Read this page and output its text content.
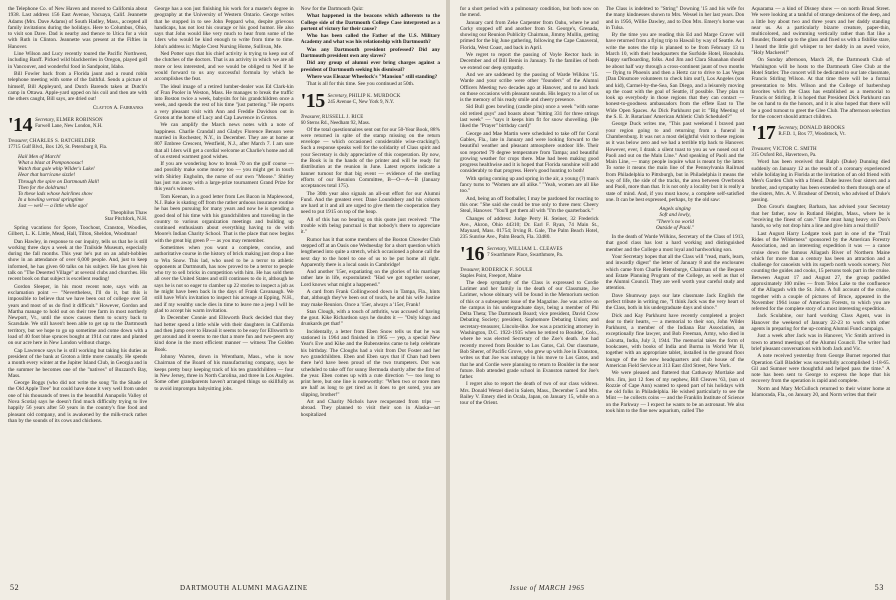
the Telephone Co. of New Haven and moved to California about 1938. Last address 156 East Avenue, Vacuaya, Calif. Jeannette Adams (Mrs. Dave Adams) of South Hadley, Mass., accepted all family invitations during the holidays. Here to Columbus, Ohio, to visit son Dave. Dad is nearby and thence to Utica for a visit with Ruth in Clinton. Jeannette was present at the Fifties in Hanover.

Line Wilson and Lucy recently toured the Pacific Northwest, including Banff. Picked wild blackberries in Oregon, played golf in Vancouver, and wonderful food in Sandpoint, Idaho.

Bill Fowler back from a Florida jaunt and a round robin telephone meeting with some of the faithful. Sends a picture of himself, Bill Appleyard, and Dutch Barends taken at Dutch's camp in Ottawa. Apple-yard upped on his coil and then ate with the others caught, Bill says, are dried out!

Clayton A. Fairbanks
'14 Secretary, ELMER ROBINSON
Farwell Lane, New London, N.H.
Treasurer, CHARLES S. BATCHELDER
17715 Gulf Blvd., Box 126, St. Petersburg 8, Fla.
Hail Men of March!
What a blast at Pomponoosuc!
Watch that gale whip Wilder's Lake!
Hear that hurricane sizzle!
Through the spire on Dartmouth Hall!
Then for the doldrums!
To these lads whose hairlines show
In a howling vernal springtime
Just — well — a little while ago!
Theophilus Thaw
Star Pitchfork, N.H.

Spring vacations for Spore, Toochout, Cranston, Woodies, Gilbert, L. K. Little, Mead, Hall, Tilton, Sheldon, Woodman!

Dan Hawley, in response to our inquiry, tells us that he is still working three days a week at the Trailside Museum, especially during the fall months. This year he's put on an adult-hobbies show in an attendance of over 6,000 people. And, just to keep informed, he has given 60 talks on his subject. He has given his talk on "The Deserted Village" at several clubs and churches. His recent book on that subject is excellent reading!

Gordon Sleeper, in his most recent note, says with an exclamation point — "Nevertheless, I'll do it, but this is impossible to believe that we have been out of college over 50 years and most of us do find it difficult." However, Gordon and Martha manage to hold out on their tree farm in most northerly Newport, Vt., until the snow causes them to scurry back to Scarsdale. We still haven't been able to get up to the Dartmouth territory, but we hope to go up sometime and come down with a load of 40 foot blue spruces bought at 1914 cut rates and planted on our acre here in New London without charge.

Cap Lawrence says he is still working but taking his duties as president of the bank at Groton a little more casually. He spends a month every winter at the Jupiter Island Club, in Georgia and in the summer he becomes one of the "natives" of Buzzard's Bay, Mass.

George Boggs (who did not write the song "In the Shade of the Old Apple Tree" but could have done it very well from under one of his thousands of trees in the beautiful Annapolis Valley of Nova Scotia) says he doesn't find much difficulty trying to live happily 56 years after 50 years in the country's fine food and pleasant old company, and is awakened by the milk-truck rather than by the sounds of its cows and chickens.

George has a son just finishing his work for a master's degree in geography at the University of Western Ontario. George writes that he stopped in to see John Peppard who, despite grievous handicaps, has not lost his courage or his good humor. He also says that John would like very much to hear from some of the 14ers who would be kind enough to write from time to time. John's address is: Maple Crest Nursing Home, Sullivan, Me.

Ned Potter says that his chief activity is trying to keep out of the clutches of the doctors. That is an activity in which we are all more or less interested, and we would be obliged to Ned if he would forward to us any successful formula by which he accomplishes the feat.

The ideal image of a retired lumber-dealer was Ed Clark-kin of Fran Pooler in Weston, Mass. He manages to break the traffic into Boston twice a week, babysits for his grandchildren once a week, and spends the rest of his time "just puttering." He reports a very pleasant visit with Ann and Freddie Davidson out in Groton at the home of Lucy and Cap Lawrence in Groton.

We can amplify the March news notes with a note of happiness. Charlie Crandall and Gladys Florence Benson were married in Rochester, N.Y., in December. They are at home at 807 Embree Crescent, Westfield, N.J., after March 7. I am sure that all 14ers will get a cordial welcome at Charlie's home and all of us extend warmest good wishes.

If you are wondering how to break 70 on the golf course — and possibly make some money too — you might get in touch with Shirley Engholm, the nurse of our own "Moose." Shirley has just run away with a large-prize tournament Grand Prize for this year's winners.

Tom Keenan, in a good letter from Les Bacon in Maplewood, N.J. Bake is skating off from the rather arduous insurance routine he has been pursuing for many years and now he is spending a good deal of his time with his grandchildren and traveling in the country to various organization meetings and building up continued enthusiasm about everything having to do with Moore's Indian Charity School. That is the place that now begins with the great big green P — as you may remember.

Sometimes when you want a complete, concise, and authoritative course in the history of brick making just drop a line to Win Snow. This lad, who used to be a terror to athletic opponents at Dartmouth, has now proved to be a terror to people who try to sell bricks in competition with him. He has sold them all over the United States and still continues to do it, although he says he is not so eager to clamber up 22 stories to inspect a job as he might have been back in the days of Frank Cavanaugh. We still have Win's invitation to inspect his acreage at Epping, N.H., and if my wealthy uncle dies in time to leave me a jeep I will be glad to accept his warm invitation.

In December Connie and Ellsworth Buck decided that they had better spend a little while with their daughters in California and then jump over to Hawaii it seems to be easy for Ellsworth to get around and it seems to me that a more fun and two-peers any kind done in the most efficient manner — witness The Golden Book.

Johnny Warren, down in Wrentham, Mass., who is now Chairman of the Board of his manufacturing company, says he keeps pretty busy keeping track of his ten grandchildren — four in New Jersey, three in North Carolina, and three in Los Angeles. Some other grandparents haven't arranged things so skillfully as to avoid impromptu babysitting jobs.

Now for the Dartmouth Quiz:

What happened in the beacons which adherents to the College side of the Dartmouth College Case interpreted as a portent of victory for their cause?

Who has been called the Father of the U.S. Military Academy and what was his relationship with Dartmouth?

Was any Dartmouth president professed? Did any Dartmouth president own any slaves?

Did any group of alumni ever bring charges against a president of Dartmouth seeking his dismissal?

Where was Eleazar Wheelock's "Mansion" still standing?

That is all for this time. See you continued at 50th.

'15 Secretary, PHILIP K. MURDOCK
245 Avenue C, New York 9, N.Y.
Treasurer, RUSSELL J. RICE
60 Sterns Rd., Needham 92, Mass.

Of the total questionnaires sent out for our 50-Year Book, 88% were returned in spite of the stamp missing on the return envelope — which occasioned considerable wise-cracking!). Such a response speaks well for the solidarity of Class spirit and your Secretary is duly appreciative of this cooperation. By now, the Book is in the hands of the printer and will be ready for distribution at the reunion in June. Latest reports indicate a banner turnout for that big event — evidence of the sterling efforts of our Reunion Committee, B—O—A—B (January acceptances total 175).

The 30th year also signals an all-out effort for our Alumni Fund. And the greatest ever. Dane Loundsbery and his cohorts are hard at it and all are urged to give them the cooperation they need to put 1915 on top of the heap.

All of this has no bearing on this quote just received: "The trouble with being punctual is that nobody's there to appreciate it."

Rumor has it that some members of the Boston Chowder Club stepped off at an Oasis one Wednesday for a short question which lengthened into quite a stretch, which occasioned a phone call the next day to the hotel to one of us to be put home all right. Apparently there is a local oasis in Cambridge!

And another '15er, expatiating on the glories of his marriage rather late in life, expostulated: "Had we got together sooner, Lord knows what might a happened."

A card from Frank Collingwood down in Tampa, Fla., hints that, although they've been out of touch, he and his wife Justine may make Reunion. Once a '15er, always a '15er, Frank!

Stan Clough, with a touch of arthritis, was accused of having the gout. Kike Richardson says he doubts it — "Only kings and drunkards get that!"

Incidentally, a letter from Eben Snow tells us that he was stationed in 1964 and finished in 1965 — yep, a special New Year's Eve and Kike and the Rubensteins came to help celebrate his birthday. The Cloughs had a visit from Dot Foster and her two grandchildren. Eben and Eben says that if Chan had been there he'd have been proud of the two trumpeters. Dot was scheduled to take off for sunny Bermuda shortly after the first of the year. Eben comes up with a cute direction "— too long to print here, but one line is noteworthy: "When two or more men are half as long to get tired as it does to get sored, you are slipping, brother!"

Art and Charity Nichols have recuperated from trips — abroad. They planned to visit their son in Alaska—art hospitalized

52	DARTMOUTH ALUMNI MAGAZINE

for a short period with a pulmonary condition, but both now on the mend.

January card from Zeke Carpenter from Oahu, where he and Corky stopped off and another from St. George's, Grenada, showing our Reunion Publicity Chairman, Jimmy Mullin, getting primed for the big June gathering, following the Cape Canaveral, Florida, West Coast, and back in April.

We regret to report the passing of Voyle Rector back in December and of Bill Bemis in January. To the families of both we extend our deep sympathy.

And we are saddened by the passing of Warde Wilkins '15. Warde and your scribe were other "founders" of the Alumni Officers Meeting two decades ago at Hanover, and to and back on those occasions with pleasant sounds. His legacy to a lot of us is the memory of his ready smile and cheery presence.

Sid Bull goes bowling (candle pins) once a week "with some old retired guys" and boasts about "hitting 331 for three strings last week" — "says it keeps him fit for snow shovelling. (He liked the "Prayer" birthday card)"

George and Mae Martin were scheduled to take off for Coral Gables, Fla., late in January and were looking forward to the beautiful weather and pleasant atmosphere outdoor life. Their son reported 79 degree temperature from Tampa; and beautiful growing weather for crops there. Mae had been making good progress healthwise and it is hoped that Florida sunshine will add considerably to that progress. Here's good hunting to both!

With spring coming up and spring in the air, a young (?) man's fancy turns to "Women are all alike." "Yeah, women are all like too."

And, being an off footballer, I may be pardoned for reacting to this one: "She said she could be true only to three men: Cheery Steal, Hanover. "You'll get them all with "I'm the quarterback."

Changes of address: Judge Perry H. Steiner, 32 Frederick Ave., Akron, Ohio 44310; Dr. Earl F. Ryan, 74 Main St., Maynard, Mass. 01754; Irving R. Gale, The Palm Beach Hotel, 235 Sunrise Ave., Palm Beach, Fla. 33480.

'16 Secretary, WILLIAM L. CLEAVES
7 Swarthmore Place, Swarthmore, Pa.
Treasurer, RODERICK F. SOULE
Staples Point, Freeport, Maine

The deep sympathy of the Class is expressed to Cordie Larimer and her family in the death of our Classmate, Joe Larimer, whose obituary will be found in the Memorium section of this or a subsequent issue of the Magazine. Joe was active on the campus in his undergraduate days, being a member of Phi Delta Theta; The Dartmouth Board; vice president, David Crow Debating Society; president, Sophomore Debating Union; and secretary-treasurer, Lincoln-like. Joe was a practicing attorney in Washington, D.C. 1922-1935 when he retired to Boulder, Colo., where he was elected Secretary of the Zoe's death. Joe had recently moved from Boulder to Los Gatos, Cal. Our classmate, Bob Sherer, of Pacific Grove, who grew up with Joe in Evanston, writes us that Joe was unhappy in his move to Los Gatos, and that he and Cordie were planning to return to Boulder in the near future. Bob attended grade school in Evanston named for Joe's father.

I regret also to report the death of two of our class widows. Mrs. Donald Wetzel died in Salem, Mass., December 5 and Mrs. Bailey V. Emery died in Ocala, Japan, on January 15, while on a tour of the Orient.

The Class is indebted to "String" Downing '15 and his wife for the many kindnesses shown to Mrs. Wessel in her last years. Don and in 1956, Willie Dawley, and to Don Mrs. Emery's home was in Tulsa.

By the time you are reading this Ed and Marge Craver will have returned from a flying trip to Hawaii by way of Seattle. As I write the notes the trip is planned to be from February 13 to March 10, with their headquarters the Surfside Hotel, Honolulu. Happy surfboarding, folks. And Jim and Clara Shanahan should be about half way through a cross-continent jaunt of two months — flying to Phoenix and then a Hertz car to drive to Las Vegas (Dan Dinsmore volunteers to check him out!), Los Angeles (son and kid), Carmel-by-the-Sea, San Diego, and a leisurely moving up the coast with the goal of Seattle, if possible. They plan to look up everybody in those regions that they can contact — honest-to-goodness ambassadors from the effete East to The Wide Open Spaces. As Dick Parkhurst put it: "Big Meeting of the S. E. Jr. Rotarians' American Athletic Club Scheduled?"

George Duck writes me, "This past weekend I braved past your region going to and returning from a funeral in Chambersburg. It was not a most delightful visit to these regions as it was below zero and we had a terrible trip back to Hanover. However, ever, I drank a silent toast to you as we nosed out of Paoli and out on the Main Line." And speaking of Paoli and the Main Line, — many people inquire what is meant by the latter. To some it means the main line of the Pennsylvania Railroad from Philadelphia to Pittsburgh, but in Philadelphia it means the way of life, the side of the tracks, the area between Overbrook and Paoli, more than that. It is not only a locality but it is really a state of mind. And, if you must know, a complete self-satisfied one. It can be best expressed, perhaps, by the old saw:

Angels singing
Soft and lowly,
"There's no world
Outside of Paoli."

In the death of Warde Wilkins, Secretary of the Class of 1913, that good class has lost a hard working and distinguished member and the College a most loyal and hardworking son.

Your Secretary hopes that all the Class will "read, mark, learn, and inwardly digest" the letter of January 8 and the enclosures which came from Charlie Remsburge, Chairman of the Bequest and Estate Planning Program of the College, as well as that of the Alumni Council. They are well worth your careful study and attention.

Dave Shumway pays our late classmate Jack English the perfect tribute in writing me, "I think Jack was the very heart of the Class, both in his undergraduate days and since."

Dick and Kay Parkhurst have recently completed a project dear to their hearts, — a memorial to their son, John Wilder Parkhurst, a member of the Indiana Bar Association, an exceptionally fine lawyer, and Bob Freeman, Army, who died in Calcutta, India, July 3, 1944. The memorial takes the form of bookcases, with books of India and Burma in World War II, together with an appropriate tablet, installed in the ground floor lounge of the the new headquarters and club house of the American Field Service at 313 East 43rd Street, New York.

We were pleased and flattered that Cathaway Mortlake and Mrs. Jim, just 12 foes of my nephew, Bill Cleaves '63, (son of Rozzie of Cape Ann) wanted to spend part of his holidays with the old folks in Philadelphia. He wished particularly to see the Mint — he collects coins — and the Franklin Institute of Science on the Parkway — I expect he wants to be an astronaut. We also took him to the fine new aquarium, called The

Aquarama — a kind of Disney show — on north Broad Street. We were looking at a tankful of strange denizens of the deep, and a little boy about two and three years and her daddy standing near us. As a particularly bizarre creature, paper-thin, multicolored, and swimming vertically rather than flat like a flounder, floated up to the glass and fixed us with a fishlike stare, I heard the little girl whisper to her daddy in an awed voice, "Holy Mackerel!"

On Sunday afternoon, March 28, the Dartmouth Club of Washington will be hosts to the Dartmouth Glee Club at the Hotel Statler. The concert will be dedicated to our late classmate, Francis Stirling Wilson. At that time there will be a formal presentation to Mrs. Wilson and the College of barbershop favorites which the Class has established as a memorial to Francis or Stirling. It is hoped that President Dick Parkhurst can be on hand to do the honors, and it is also hoped that there will be a good turnout to greet the Glee Club. The afternoon selection for the concert should attract children.

'17 Secretary, DONALD BROOKS
R.F.D. 1, Box 77, Woodstock, Vt.
Treasurer, VICTOR C. SMITH
315 Oxford Rd., Havertown, Pa.

Word has been received that Ralph (Duke) Dunning died suddenly on January 12 as the result of a coronary experienced while holidaying in Florida at the invitation of an old friend with Men's Garden Club with a friend. Duke leaves four sisters and a brother, and sympathy has been extended to them through one of the sisters, Mrs. A. V. Brashear of Detroit, who advised of Duke's passing.

Don Grout's daughter, Barbara, has advised your Secretary that her father, now in Rutland Heights, Mass., where he is "receiving the finest of care." Time must hang heavy on Don's hands, so why not drop him a line and give him a real thrill?

Last August Harry Lodgate took part in one of the "Trail Rides of the Wilderness" sponsored by the American Forestry Association, and an interesting expedition it was — a canoe cruise down the famous Allagash River of Northern Maine which for more than a century has been an attraction and a challenge for canoeists with its superb north woods scenery. Not counting the guides and cooks, 15 persons took part in the cruise. Between August 17 and August 27, the group paddled approximately 100 miles — from Telos Lake to the confluence of the Allagash with the St. John. A full account of the cruise, together with a couple of pictures of Bruce, appeared in the November 1964 issue of American Forests, to which you are referred for the complete story of a most interesting expedition.

Jack Sculabine, our hard working Class Agent, was in Hanover the weekend of January 22-23 to work with other agents in preparing for the up-coming Alumni Fund campaign.

Just a week after Jack was in Hanover, Vic Smith arrived in town to attend meetings of the Alumni Council. The writer had brief pleasant conversations with both Jack and Vic.

A note received yesterday from George Burnet reported that Operation Gall Bladder was successfully accomplished 1-18-65. Gil and Sumner were thoughtful and helped pass the time." A note has been sent to George to express the hope that his recovery from the operation is rapid and complete.

Norm and Mary McCulloch returned to their winter home at Islamorada, Fla., on January 20, and Norm writes that their

Issue of MARCH 1965	53
